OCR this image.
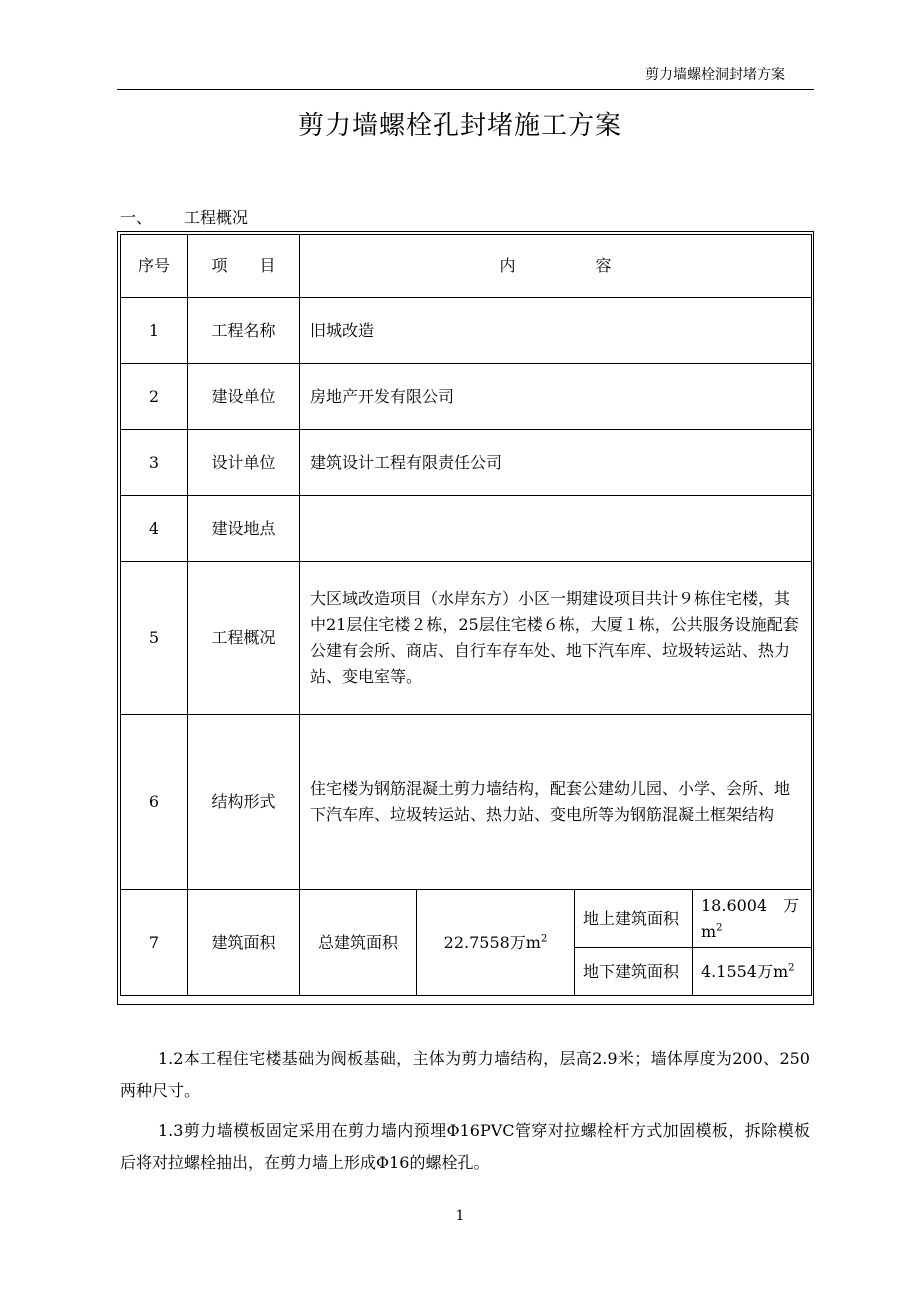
剪力墙螺栓洞封堵方案
剪力墙螺栓孔封堵施工方案
一、 工程概况
序号	项　　目	内　　　　　容			
1	工程名称	旧城改造			
2	建设单位	房地产开发有限公司			
3	设计单位	建筑设计工程有限责任公司			
4	建设地点				
5	工程概况	大区域改造项目（水岸东方）小区一期建设项目共计９栋住宅楼，其中21层住宅楼２栋，25层住宅楼６栋，大厦１栋，公共服务设施配套公建有会所、商店、自行车存车处、地下汽车库、垃圾转运站、热力站、变电室等。			
6	结构形式	住宅楼为钢筋混凝土剪力墙结构，配套公建幼儿园、小学、会所、地下汽车库、垃圾转运站、热力站、变电所等为钢筋混凝土框架结构			
7	建筑面积	总建筑面积	22.7558万$m^2$	地上建筑面积	18.6004　万$m^2$
				地下建筑面积	4.1554万$m^2$
1.2本工程住宅楼基础为阀板基础，主体为剪力墙结构，层高2.9米；墙体厚度为200、250两种尺寸。
1.3剪力墙模板固定采用在剪力墙内预埋Φ16PVC管穿对拉螺栓杆方式加固模板，拆除模板后将对拉螺栓抽出，在剪力墙上形成Φ16的螺栓孔。
1
